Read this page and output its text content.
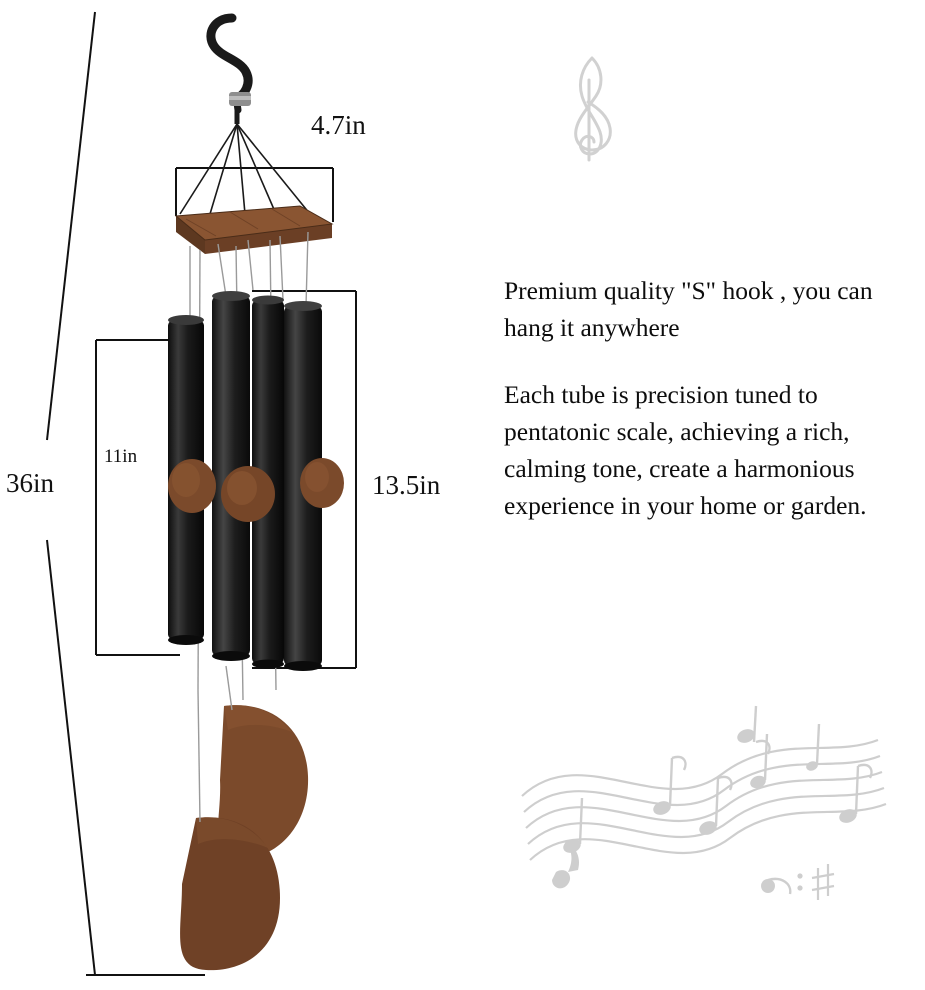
36in
11in
4.7in
13.5in

Premium quality "S" hook , you can hang it anywhere

Each tube is precision tuned to pentatonic scale, achieving a rich, calming tone, create a harmonious experience in your home or garden.
